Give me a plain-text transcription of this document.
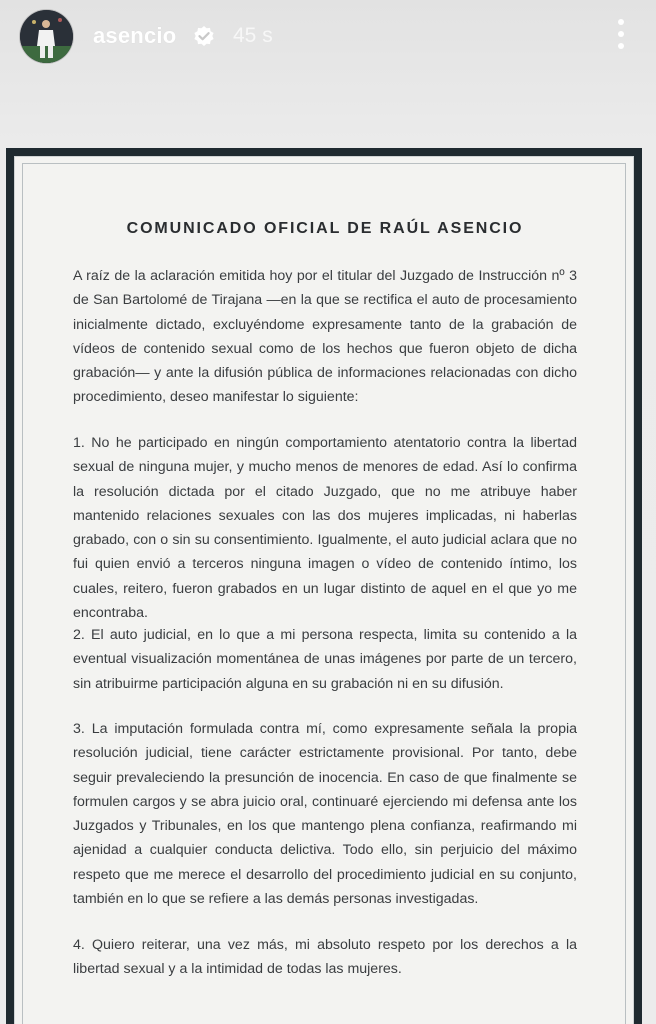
asencio	45 s
COMUNICADO OFICIAL DE RAÚL ASENCIO

A raíz de la aclaración emitida hoy por el titular del Juzgado de Instrucción nº 3 de San Bartolomé de Tirajana —en la que se rectifica el auto de procesamiento inicialmente dictado, excluyéndome expresamente tanto de la grabación de vídeos de contenido sexual como de los hechos que fueron objeto de dicha grabación— y ante la difusión pública de informaciones relacionadas con dicho procedimiento, deseo manifestar lo siguiente:

1. No he participado en ningún comportamiento atentatorio contra la libertad sexual de ninguna mujer, y mucho menos de menores de edad. Así lo confirma la resolución dictada por el citado Juzgado, que no me atribuye haber mantenido relaciones sexuales con las dos mujeres implicadas, ni haberlas grabado, con o sin su consentimiento. Igualmente, el auto judicial aclara que no fui quien envió a terceros ninguna imagen o vídeo de contenido íntimo, los cuales, reitero, fueron grabados en un lugar distinto de aquel en el que yo me encontraba.

2. El auto judicial, en lo que a mi persona respecta, limita su contenido a la eventual visualización momentánea de unas imágenes por parte de un tercero, sin atribuirme participación alguna en su grabación ni en su difusión.

3. La imputación formulada contra mí, como expresamente señala la propia resolución judicial, tiene carácter estrictamente provisional. Por tanto, debe seguir prevaleciendo la presunción de inocencia. En caso de que finalmente se formulen cargos y se abra juicio oral, continuaré ejerciendo mi defensa ante los Juzgados y Tribunales, en los que mantengo plena confianza, reafirmando mi ajenidad a cualquier conducta delictiva. Todo ello, sin perjuicio del máximo respeto que me merece el desarrollo del procedimiento judicial en su conjunto, también en lo que se refiere a las demás personas investigadas.

4. Quiero reiterar, una vez más, mi absoluto respeto por los derechos a la libertad sexual y a la intimidad de todas las mujeres.
